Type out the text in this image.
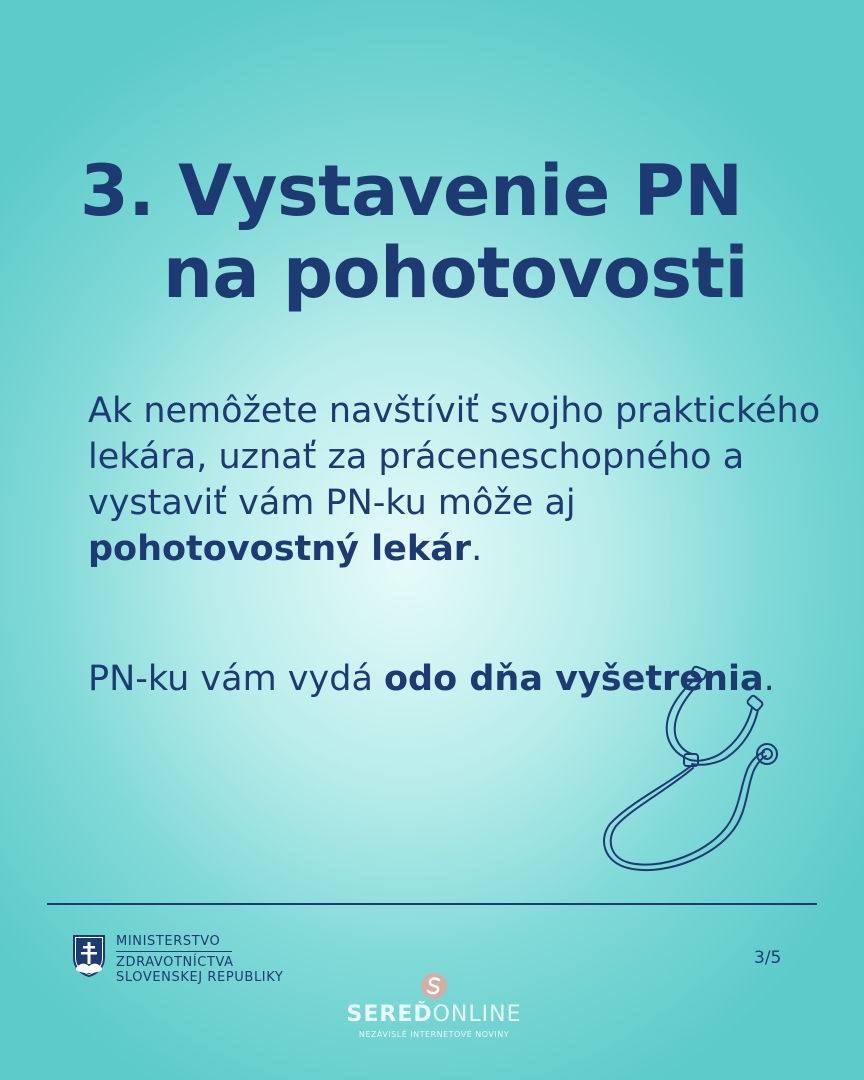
3. Vystavenie PN
na pohotovosti

Ak nemôžete navštíviť svojho praktického lekára, uznať za práceneschopného a vystaviť vám PN-ku môže aj pohotovostný lekár.

PN-ku vám vydá odo dňa vyšetrenia.

MINISTERSTVO
ZDRAVOTNÍCTVA
SLOVENSKEJ REPUBLIKY
3/5
SEREĎONLINE
NEZÁVISLÉ INTERNETOVÉ NOVINY
